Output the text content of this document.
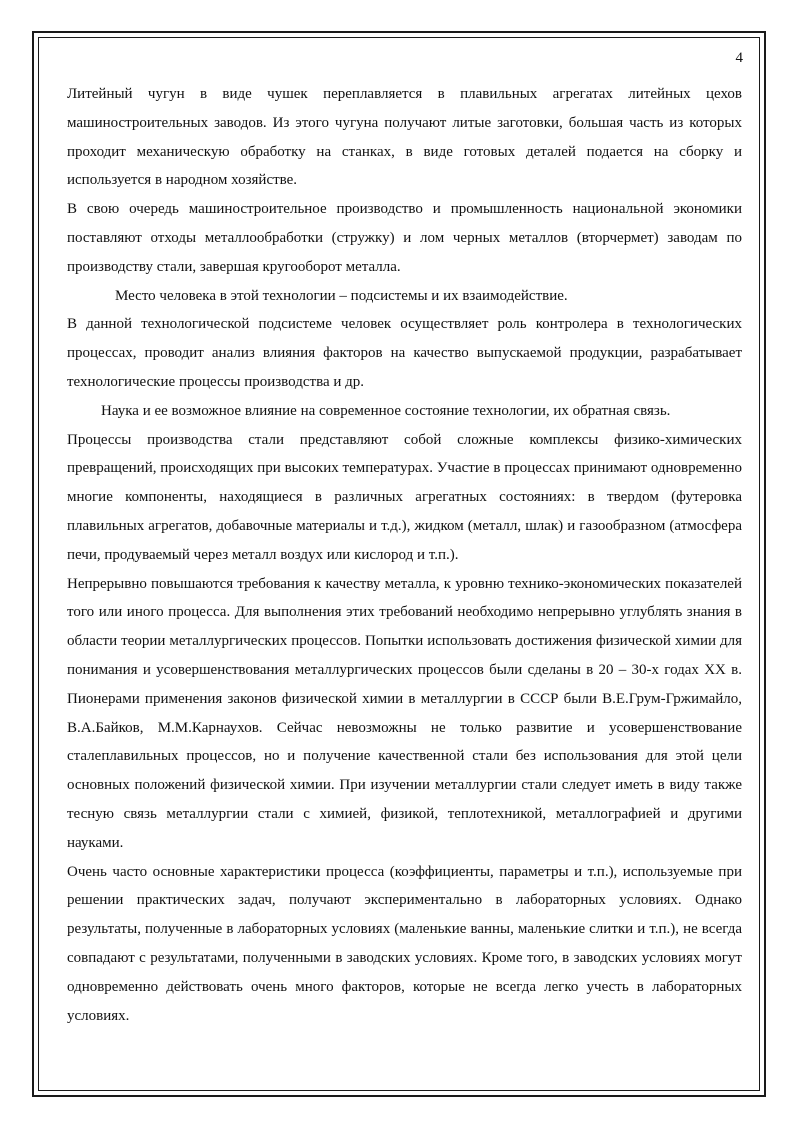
4

Литейный чугун в виде чушек переплавляется в плавильных агрегатах литейных цехов машиностроительных заводов. Из этого чугуна получают литые заготовки, большая часть из которых проходит механическую обработку на станках, в виде готовых деталей подается на сборку и используется в народном хозяйстве.

В свою очередь машиностроительное производство и промышленность национальной экономики поставляют отходы металлообработки (стружку) и лом черных металлов (вторчермет) заводам по производству стали, завершая кругооборот металла.

Место человека в этой технологии – подсистемы и их взаимодействие.

В данной технологической подсистеме человек осуществляет роль контролера в технологических процессах, проводит анализ влияния факторов на качество выпускаемой продукции, разрабатывает технологические процессы производства и др.

Наука и ее возможное влияние на современное состояние технологии, их обратная связь.

Процессы производства стали представляют собой сложные комплексы физико-химических превращений, происходящих при высоких температурах. Участие в процессах принимают одновременно многие компоненты, находящиеся в различных агрегатных состояниях: в твердом (футеровка плавильных агрегатов, добавочные материалы и т.д.), жидком (металл, шлак) и газообразном (атмосфера печи, продуваемый через металл воздух или кислород и т.п.).

Непрерывно повышаются требования к качеству металла, к уровню технико-экономических показателей того или иного процесса. Для выполнения этих требований необходимо непрерывно углублять знания в области теории металлургических процессов. Попытки использовать достижения физической химии для понимания и усовершенствования металлургических процессов были сделаны в 20 – 30-х годах XX в. Пионерами применения законов физической химии в металлургии в СССР были В.Е.Грум-Гржимайло, В.А.Байков, М.М.Карнаухов. Сейчас невозможны не только развитие и усовершенствование сталеплавильных процессов, но и получение качественной стали без использования для этой цели основных положений физической химии. При изучении металлургии стали следует иметь в виду также тесную связь металлургии стали с химией, физикой, теплотехникой, металлографией и другими науками.

Очень часто основные характеристики процесса (коэффициенты, параметры и т.п.), используемые при решении практических задач, получают экспериментально в лабораторных условиях. Однако результаты, полученные в лабораторных условиях (маленькие ванны, маленькие слитки и т.п.), не всегда совпадают с результатами, полученными в заводских условиях. Кроме того, в заводских условиях могут одновременно действовать очень много факторов, которые не всегда легко учесть в лабораторных условиях.
